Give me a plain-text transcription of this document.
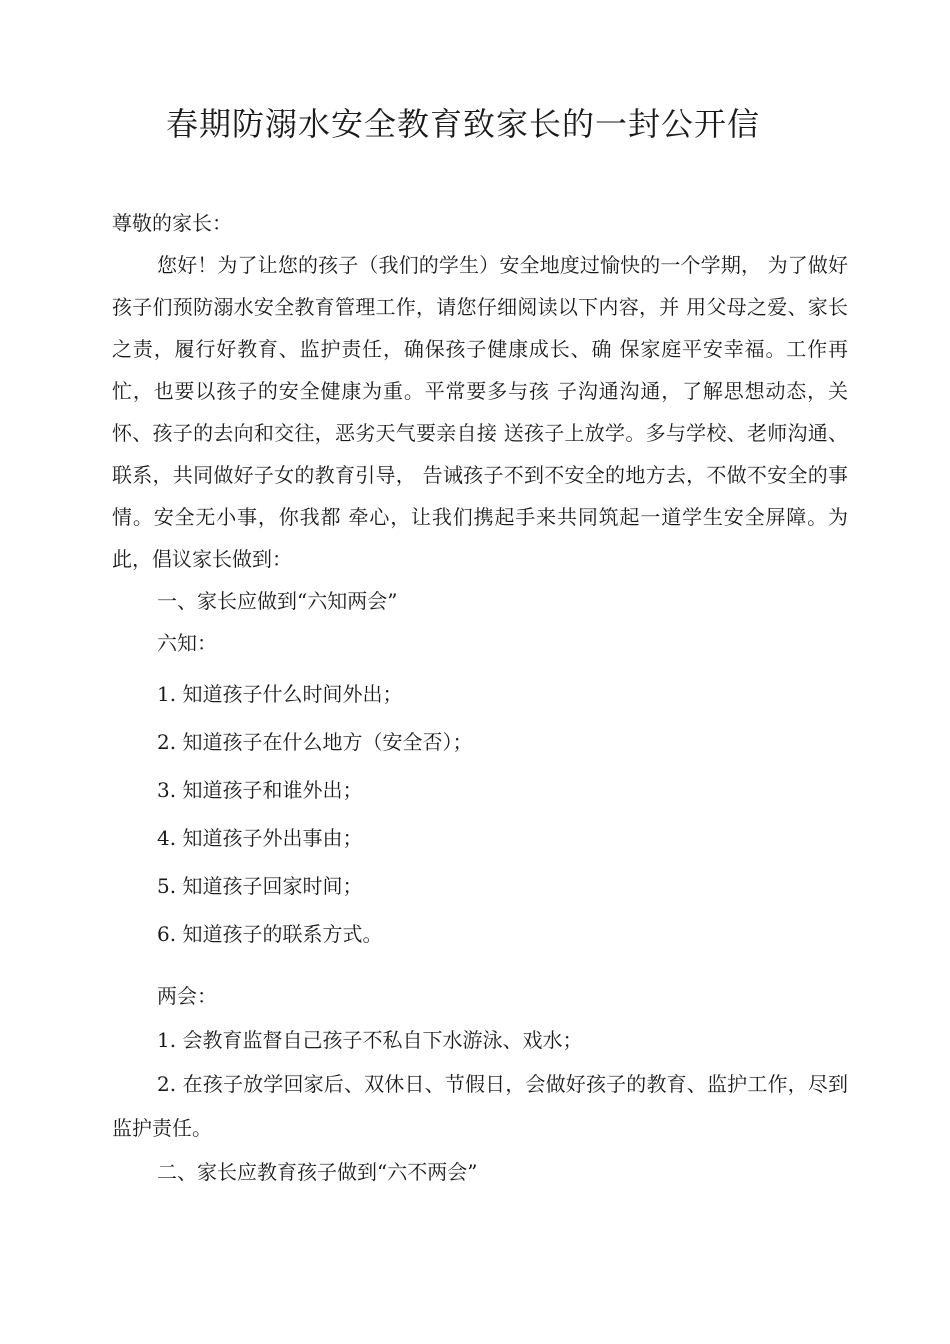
春期防溺水安全教育致家长的一封公开信

尊敬的家长：

您好！为了让您的孩子（我们的学生）安全地度过愉快的一个学期， 为了做好孩子们预防溺水安全教育管理工作，请您仔细阅读以下内容，并 用父母之爱、家长之责，履行好教育、监护责任，确保孩子健康成长、确 保家庭平安幸福。工作再忙，也要以孩子的安全健康为重。平常要多与孩 子沟通沟通，了解思想动态，关怀、孩子的去向和交往，恶劣天气要亲自接 送孩子上放学。多与学校、老师沟通、联系，共同做好子女的教育引导， 告诫孩子不到不安全的地方去，不做不安全的事情。安全无小事，你我都 牵心，让我们携起手来共同筑起一道学生安全屏障。为此，倡议家长做到：

一、家长应做到“六知两会”

六知：

1. 知道孩子什么时间外出；

2. 知道孩子在什么地方（安全否）；

3. 知道孩子和谁外出；

4. 知道孩子外出事由；

5. 知道孩子回家时间；

6. 知道孩子的联系方式。

两会：

1. 会教育监督自己孩子不私自下水游泳、戏水；

2. 在孩子放学回家后、双休日、节假日，会做好孩子的教育、监护工作，尽到监护责任。

二、家长应教育孩子做到“六不两会”
